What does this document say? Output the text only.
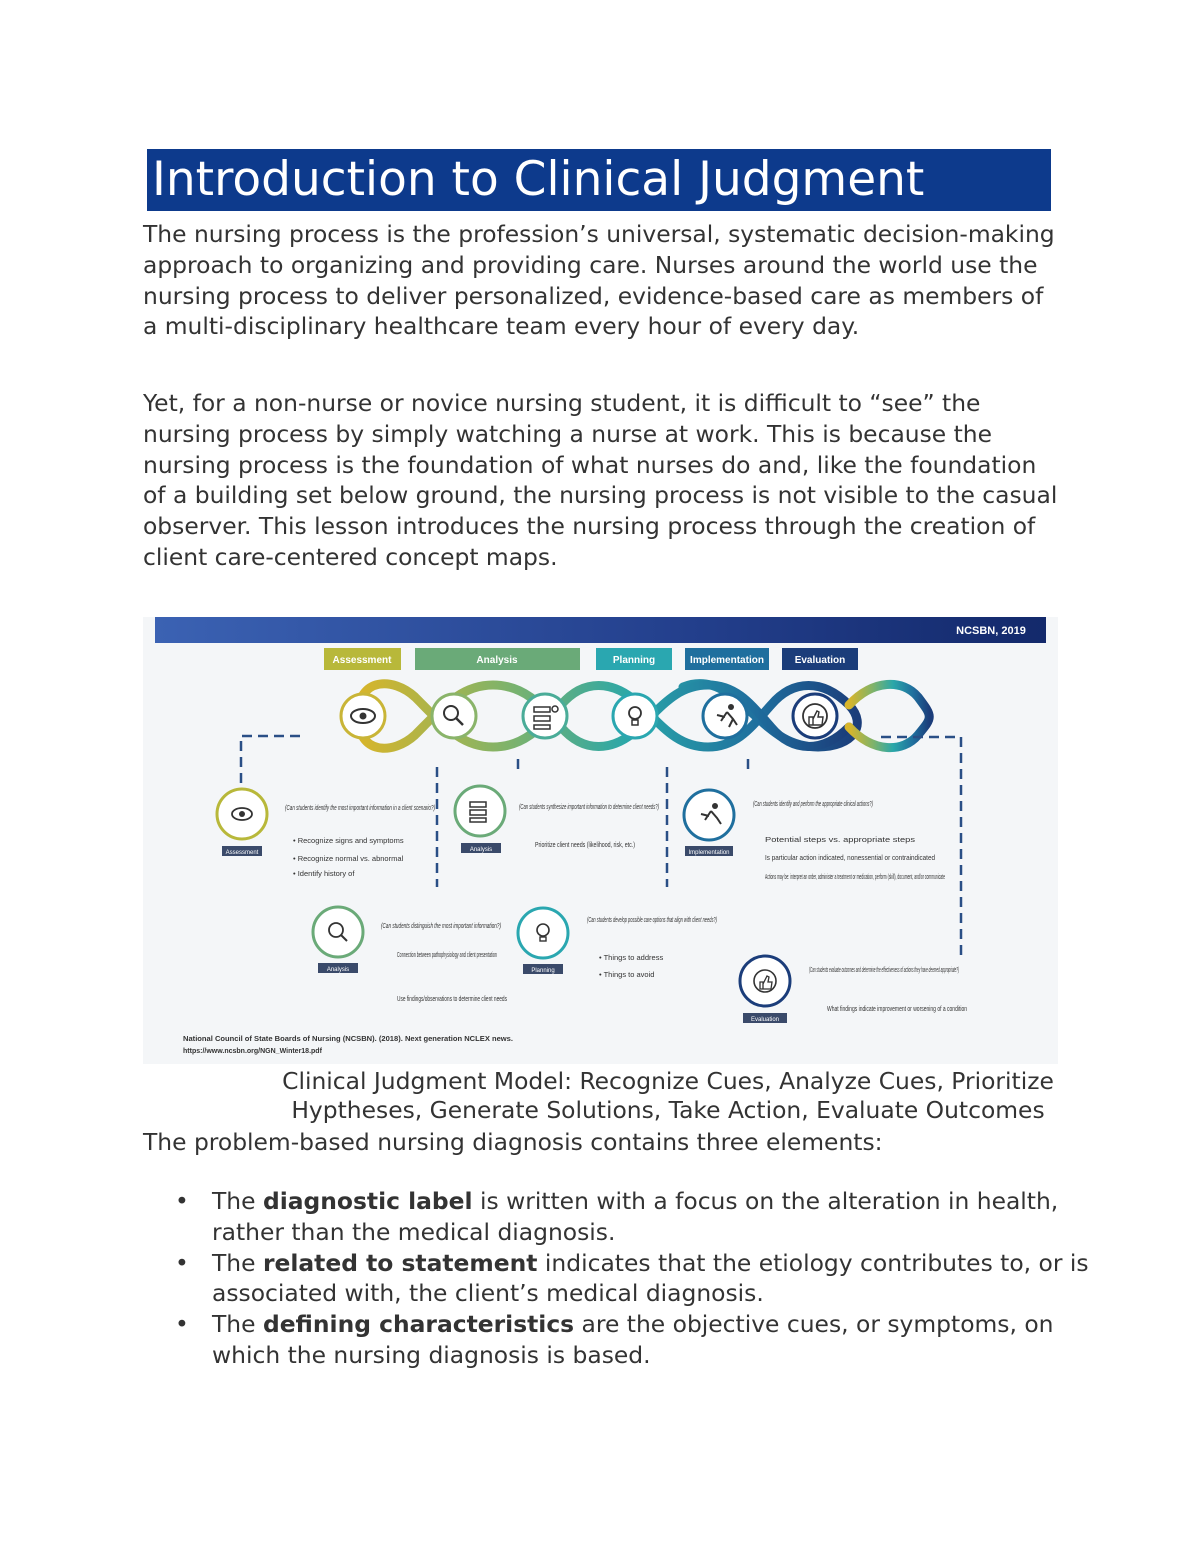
Introduction to Clinical Judgment

The nursing process is the profession’s universal, systematic decision-making approach to organizing and providing care. Nurses around the world use the nursing process to deliver personalized, evidence-based care as members of a multi-disciplinary healthcare team every hour of every day.

Yet, for a non-nurse or novice nursing student, it is difficult to “see” the nursing process by simply watching a nurse at work. This is because the nursing process is the foundation of what nurses do and, like the foundation of a building set below ground, the nursing process is not visible to the casual observer. This lesson introduces the nursing process through the creation of client care-centered concept maps.

NCSBN, 2019
Assessment	Analysis	Planning	Implementation	Evaluation
Assessment
(Can students identify the most important information in a client scenario?)
• Recognize signs and symptoms
• Recognize normal vs. abnormal
• Identify history of
Analysis
(Can students distinguish the most important information?)
Connection between pathophysiology and client presentation
Use findings/observations to determine client needs
Analysis
(Can students synthesize important information to determine client needs?)
Prioritize client needs (likelihood, risk, etc.)
Planning
(Can students develop possible care options that align with client needs?)
• Things to address
• Things to avoid
Implementation
(Can students identify and perform the appropriate clinical actions?)
Potential steps vs. appropriate steps
Is particular action indicated, nonessential or contraindicated
Actions may be: interpret an order, administer a treatment or medication, perform (skill), document, and/or communicate
Evaluation
(Can students evaluate outcomes and determine the effectiveness of actions they have deemed appropriate?)
What findings indicate improvement or worsening of a condition
National Council of State Boards of Nursing (NCSBN). (2018). Next generation NCLEX news.
https://www.ncsbn.org/NGN_Winter18.pdf
Clinical Judgment Model: Recognize Cues, Analyze Cues, Prioritize
Hyptheses, Generate Solutions, Take Action, Evaluate Outcomes
The problem-based nursing diagnosis contains three elements:
• The diagnostic label is written with a focus on the alteration in health, rather than the medical diagnosis.
• The related to statement indicates that the etiology contributes to, or is associated with, the client’s medical diagnosis.
• The defining characteristics are the objective cues, or symptoms, on which the nursing diagnosis is based.
